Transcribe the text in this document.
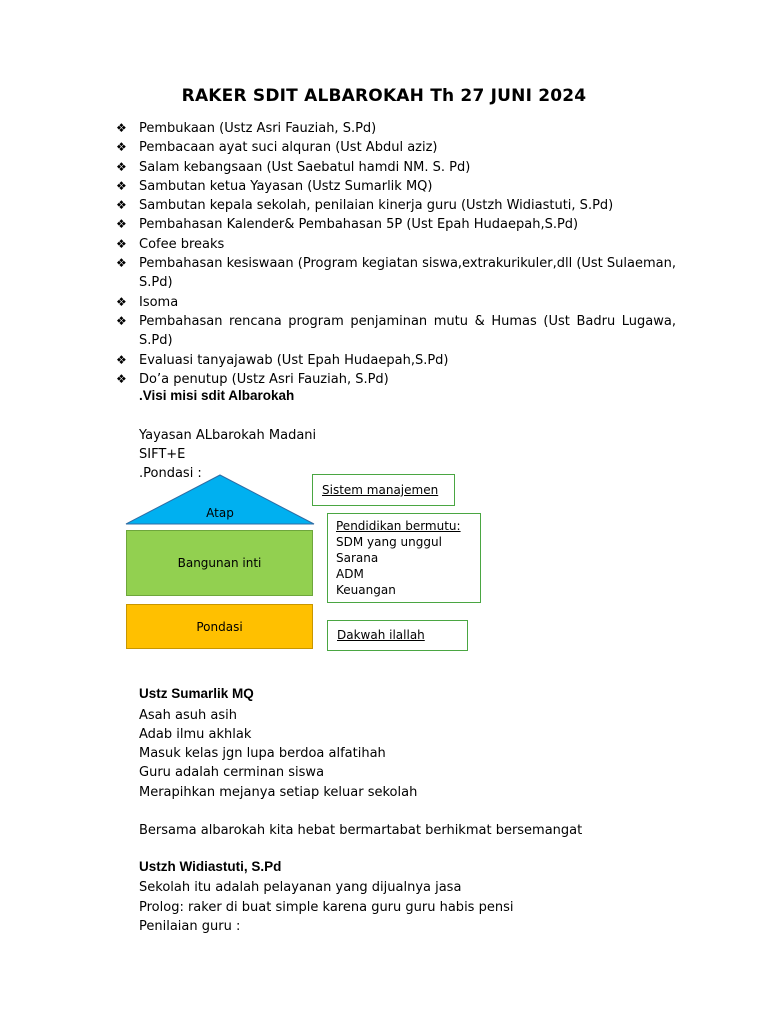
RAKER SDIT ALBAROKAH Th 27 JUNI 2024
❖ Pembukaan (Ustz Asri Fauziah, S.Pd)
❖ Pembacaan ayat suci alquran (Ust Abdul aziz)
❖ Salam kebangsaan (Ust Saebatul hamdi NM. S. Pd)
❖ Sambutan ketua Yayasan (Ustz Sumarlik MQ)
❖ Sambutan kepala sekolah, penilaian kinerja guru (Ustzh Widiastuti, S.Pd)
❖ Pembahasan Kalender& Pembahasan 5P (Ust Epah Hudaepah,S.Pd)
❖ Cofee breaks
❖ Pembahasan kesiswaan (Program kegiatan siswa,extrakurikuler,dll (Ust Sulaeman, S.Pd)
❖ Isoma
❖ Pembahasan rencana program penjaminan mutu & Humas (Ust Badru Lugawa, S.Pd)
❖ Evaluasi tanyajawab (Ust Epah Hudaepah,S.Pd)
❖ Do’a penutup (Ustz Asri Fauziah, S.Pd)
.Visi misi sdit Albarokah
Yayasan ALbarokah Madani
SIFT+E
.Pondasi :
Atap
Bangunan inti
Pondasi
Sistem manajemen
Pendidikan bermutu:
SDM yang unggul
Sarana
ADM
Keuangan
Dakwah ilallah
Ustz Sumarlik MQ
Asah asuh asih
Adab ilmu akhlak
Masuk kelas jgn lupa berdoa alfatihah
Guru adalah cerminan siswa
Merapihkan mejanya setiap keluar sekolah
Bersama albarokah kita hebat bermartabat berhikmat bersemangat
Ustzh Widiastuti, S.Pd
Sekolah itu adalah pelayanan yang dijualnya jasa
Prolog: raker di buat simple karena guru guru habis pensi
Penilaian guru :
